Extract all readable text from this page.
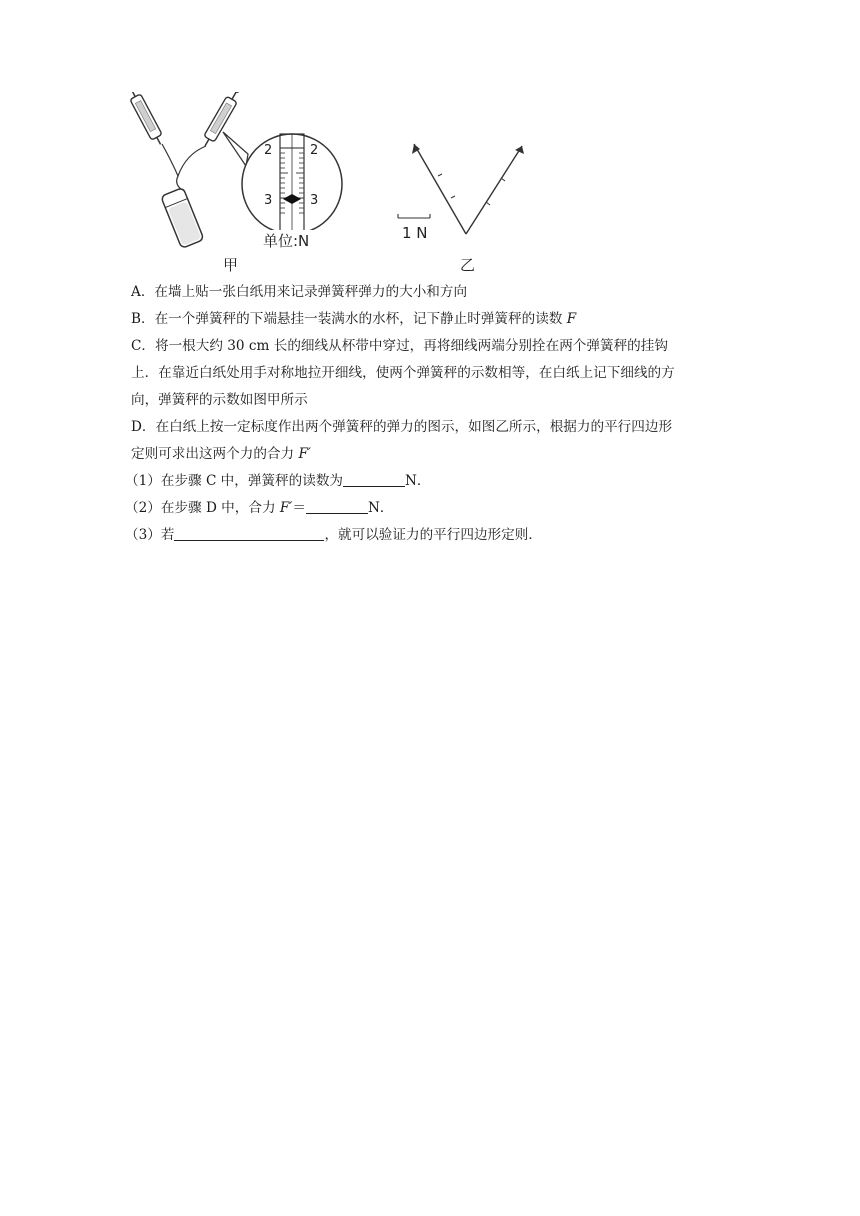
2	2
3	3
单位:N
甲
1 N
乙

A．在墙上贴一张白纸用来记录弹簧秤弹力的大小和方向

B．在一个弹簧秤的下端悬挂一装满水的水杯，记下静止时弹簧秤的读数 F

C．将一根大约 30 cm 长的细线从杯带中穿过，再将细线两端分别拴在两个弹簧秤的挂钩

上．在靠近白纸处用手对称地拉开细线，使两个弹簧秤的示数相等，在白纸上记下细线的方

向，弹簧秤的示数如图甲所示

D．在白纸上按一定标度作出两个弹簧秤的弹力的图示，如图乙所示，根据力的平行四边形

定则可求出这两个力的合力 F′

（1）在步骤 C 中，弹簧秤的读数为	N．

（2）在步骤 D 中，合力 F′＝	N．

（3）若	，就可以验证力的平行四边形定则．
